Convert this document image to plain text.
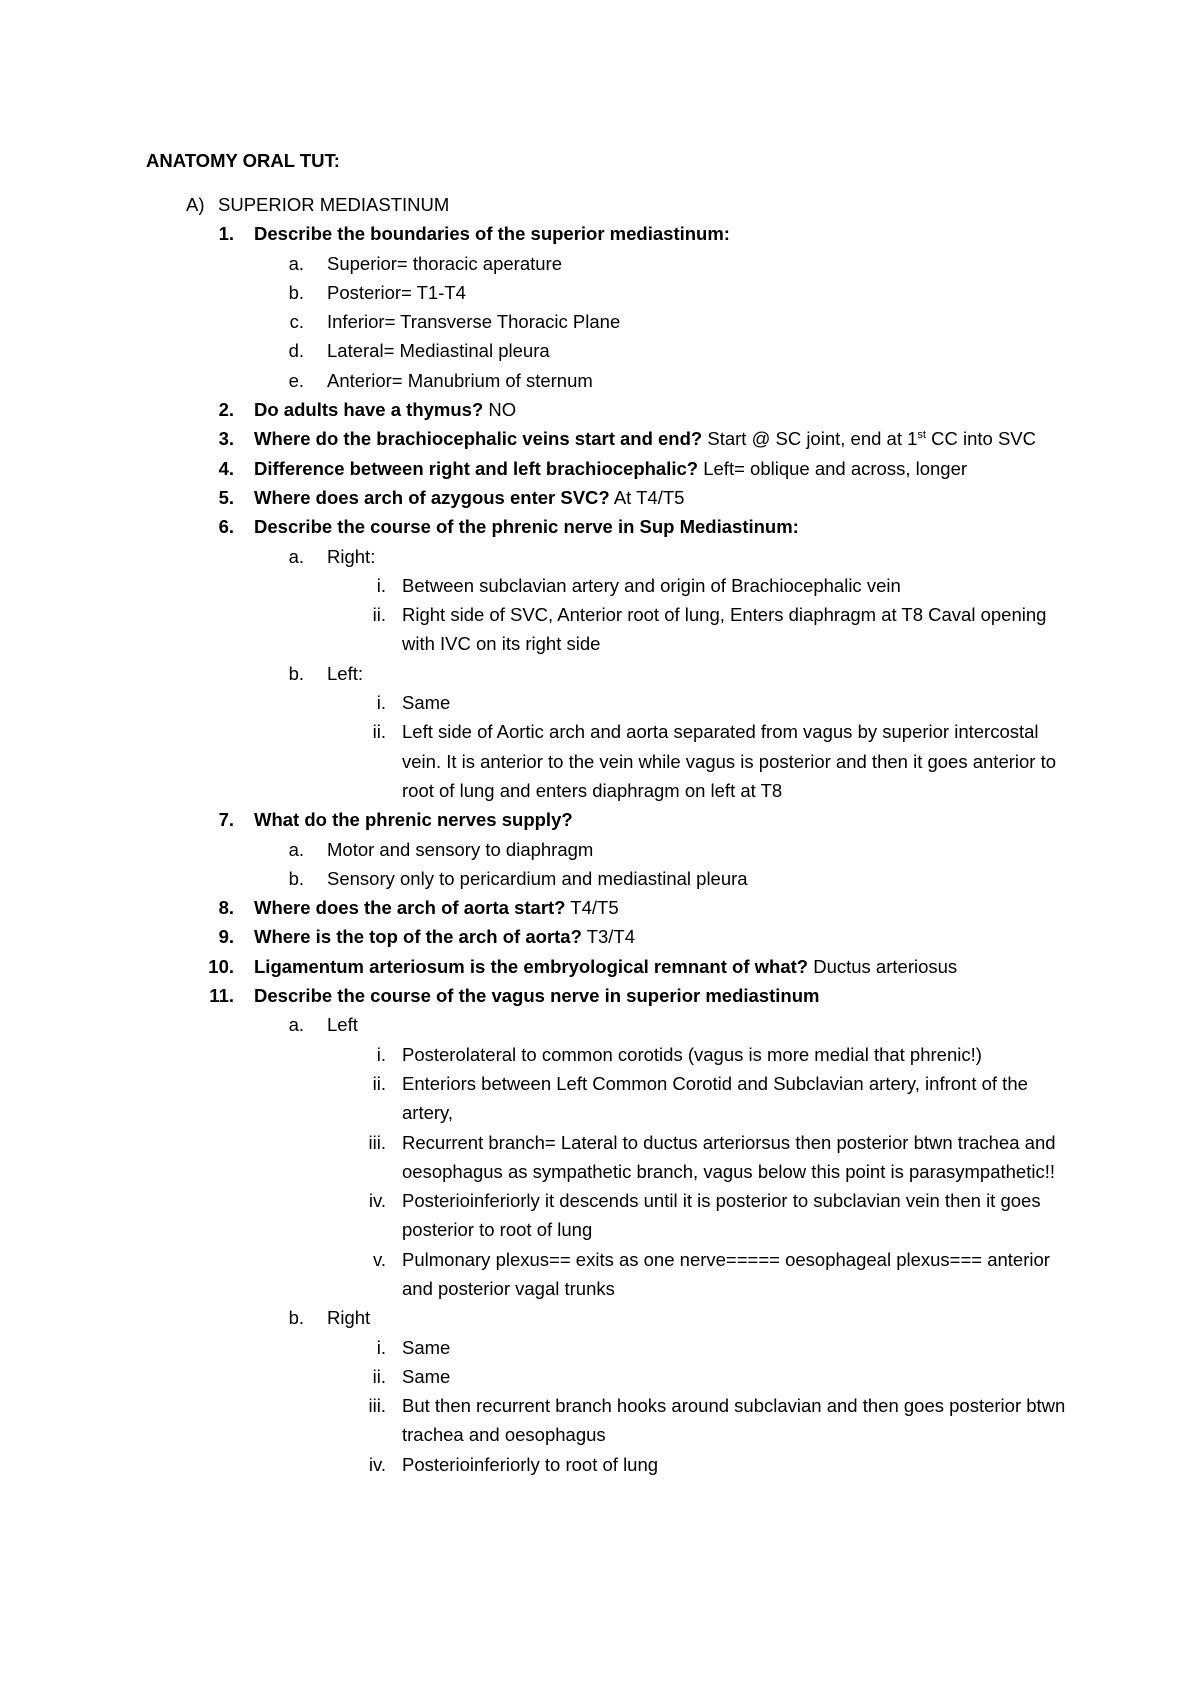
ANATOMY ORAL TUT:
A) SUPERIOR MEDIASTINUM
1. Describe the boundaries of the superior mediastinum:
a. Superior= thoracic aperature
b. Posterior= T1-T4
c. Inferior= Transverse Thoracic Plane
d. Lateral= Mediastinal pleura
e. Anterior= Manubrium of sternum
2. Do adults have a thymus? NO
3. Where do the brachiocephalic veins start and end? Start @ SC joint, end at 1st CC into SVC
4. Difference between right and left brachiocephalic? Left= oblique and across, longer
5. Where does arch of azygous enter SVC? At T4/T5
6. Describe the course of the phrenic nerve in Sup Mediastinum:
a. Right:
i. Between subclavian artery and origin of Brachiocephalic vein
ii. Right side of SVC, Anterior root of lung, Enters diaphragm at T8 Caval opening with IVC on its right side
b. Left:
i. Same
ii. Left side of Aortic arch and aorta separated from vagus by superior intercostal vein. It is anterior to the vein while vagus is posterior and then it goes anterior to root of lung and enters diaphragm on left at T8
7. What do the phrenic nerves supply?
a. Motor and sensory to diaphragm
b. Sensory only to pericardium and mediastinal pleura
8. Where does the arch of aorta start? T4/T5
9. Where is the top of the arch of aorta? T3/T4
10. Ligamentum arteriosum is the embryological remnant of what? Ductus arteriosus
11. Describe the course of the vagus nerve in superior mediastinum
a. Left
i. Posterolateral to common corotids (vagus is more medial that phrenic!)
ii. Enteriors between Left Common Corotid and Subclavian artery, infront of the artery,
iii. Recurrent branch= Lateral to ductus arteriorsus then posterior btwn trachea and oesophagus as sympathetic branch, vagus below this point is parasympathetic!!
iv. Posterioinferiorly it descends until it is posterior to subclavian vein then it goes posterior to root of lung
v. Pulmonary plexus== exits as one nerve===== oesophageal plexus=== anterior and posterior vagal trunks
b. Right
i. Same
ii. Same
iii. But then recurrent branch hooks around subclavian and then goes posterior btwn trachea and oesophagus
iv. Posterioinferiorly to root of lung
